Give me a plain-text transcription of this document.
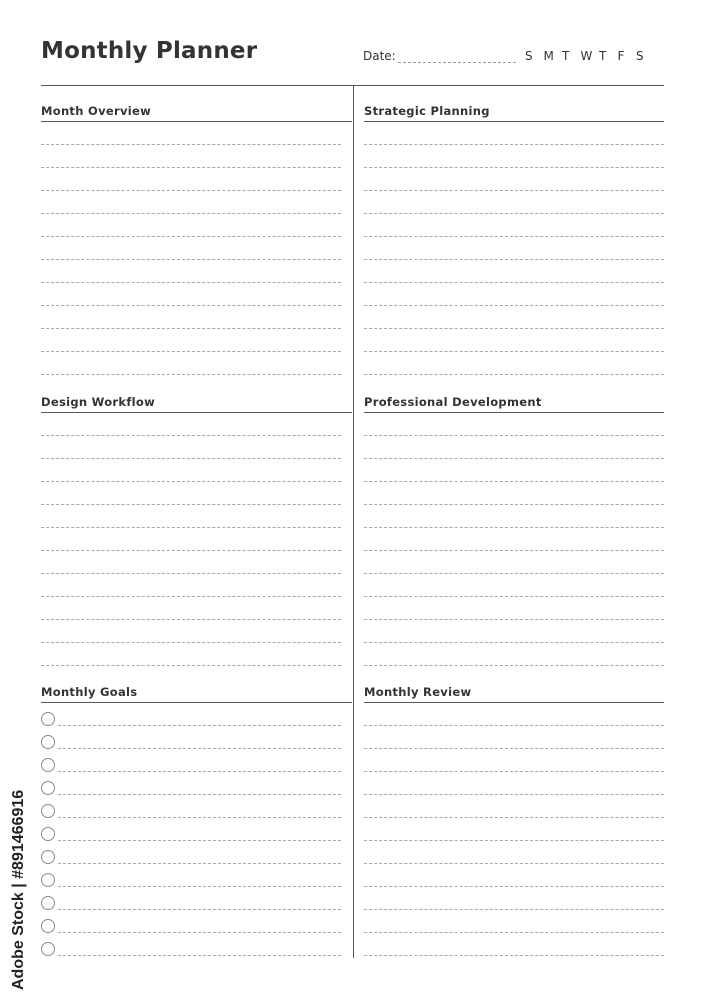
Monthly Planner	Date:	S M T W T F S
Month Overview	Strategic Planning
Design Workflow	Professional Development
Monthly Goals	Monthly Review
Adobe Stock | #891466916
